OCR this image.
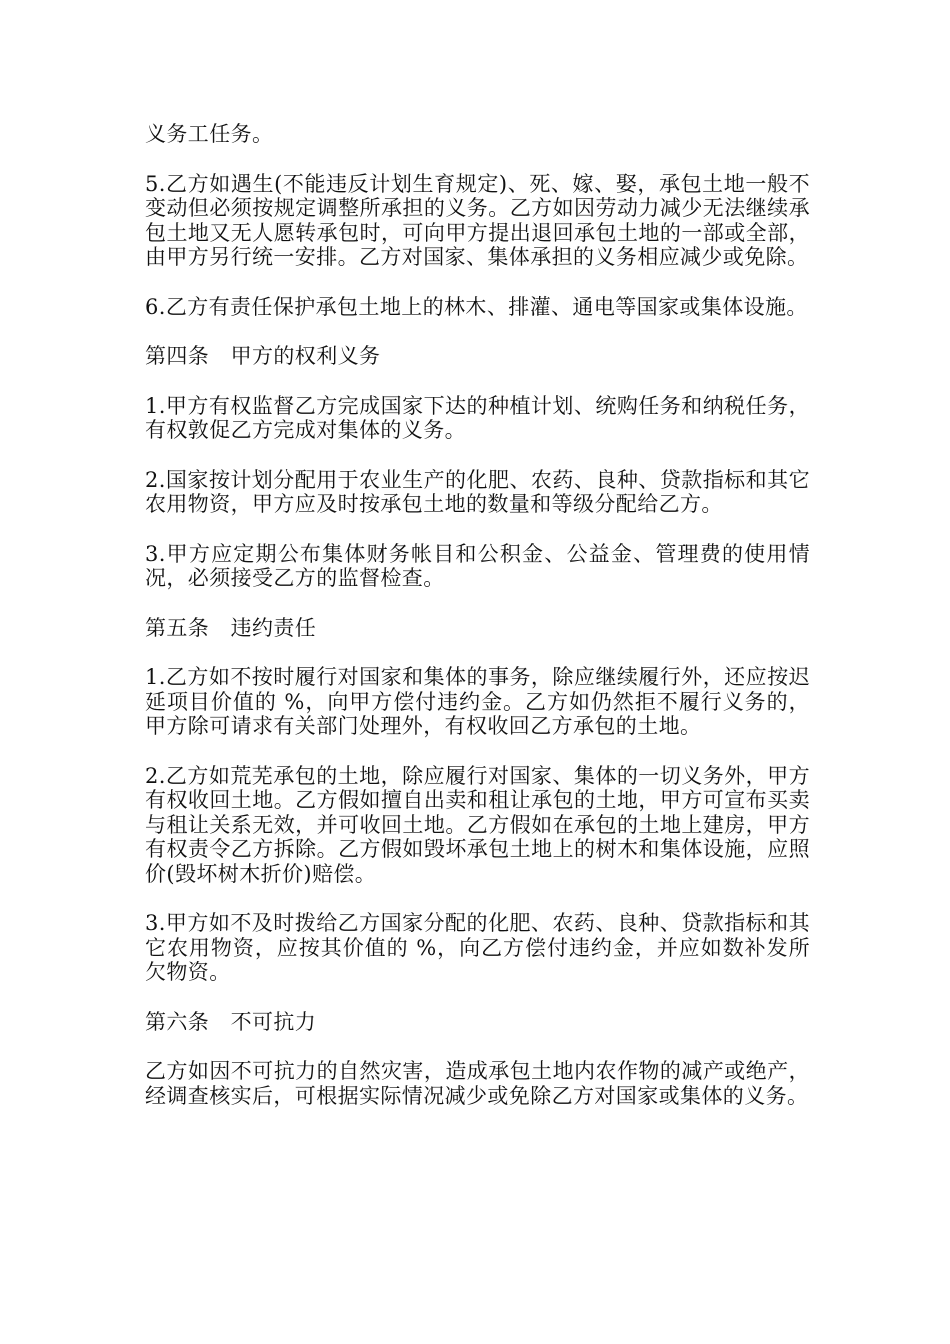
义务工任务。

5.乙方如遇生(不能违反计划生育规定)、死、嫁、娶，承包土地一般不变动但必须按规定调整所承担的义务。乙方如因劳动力减少无法继续承包土地又无人愿转承包时，可向甲方提出退回承包土地的一部或全部，由甲方另行统一安排。乙方对国家、集体承担的义务相应减少或免除。

6.乙方有责任保护承包土地上的林木、排灌、通电等国家或集体设施。

第四条　甲方的权利义务

1.甲方有权监督乙方完成国家下达的种植计划、统购任务和纳税任务，有权敦促乙方完成对集体的义务。

2.国家按计划分配用于农业生产的化肥、农药、良种、贷款指标和其它农用物资，甲方应及时按承包土地的数量和等级分配给乙方。

3.甲方应定期公布集体财务帐目和公积金、公益金、管理费的使用情况，必须接受乙方的监督检查。

第五条　违约责任

1.乙方如不按时履行对国家和集体的事务，除应继续履行外，还应按迟延项目价值的 %，向甲方偿付违约金。乙方如仍然拒不履行义务的，甲方除可请求有关部门处理外，有权收回乙方承包的土地。

2.乙方如荒芜承包的土地，除应履行对国家、集体的一切义务外，甲方有权收回土地。乙方假如擅自出卖和租让承包的土地，甲方可宣布买卖与租让关系无效，并可收回土地。乙方假如在承包的土地上建房，甲方有权责令乙方拆除。乙方假如毁坏承包土地上的树木和集体设施，应照价(毁坏树木折价)赔偿。

3.甲方如不及时拨给乙方国家分配的化肥、农药、良种、贷款指标和其它农用物资，应按其价值的 %，向乙方偿付违约金，并应如数补发所欠物资。

第六条　不可抗力

乙方如因不可抗力的自然灾害，造成承包土地内农作物的减产或绝产，经调查核实后，可根据实际情况减少或免除乙方对国家或集体的义务。
